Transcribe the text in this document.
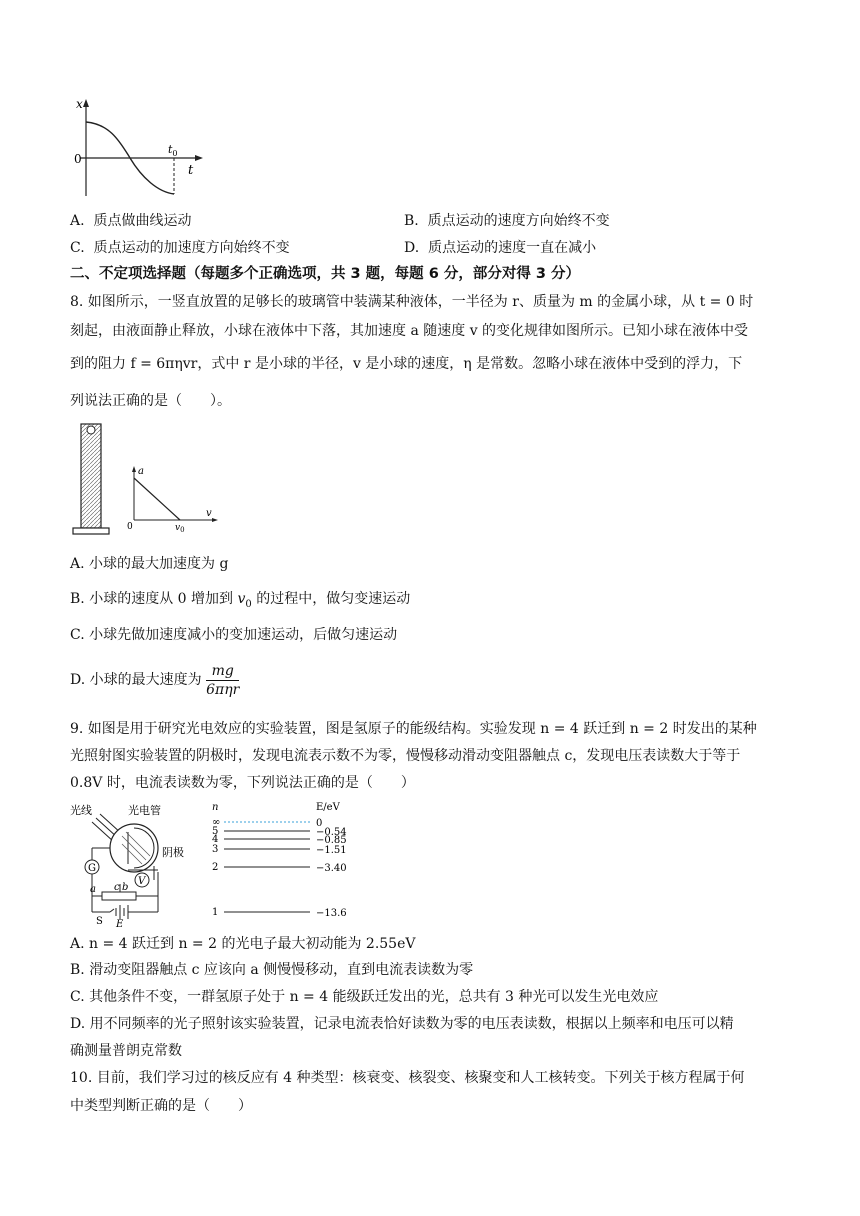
x
0
t
$t_0$
A. 质点做曲线运动	B. 质点运动的速度方向始终不变
C. 质点运动的加速度方向始终不变	D. 质点运动的速度一直在减小
二、不定项选择题（每题多个正确选项，共 3 题，每题 6 分，部分对得 3 分）
8. 如图所示，一竖直放置的足够长的玻璃管中装满某种液体，一半径为 r、质量为 m 的金属小球，从 t = 0 时
刻起，由液面静止释放，小球在液体中下落，其加速度 a 随速度 v 的变化规律如图所示。已知小球在液体中受
到的阻力 f = 6πηvr，式中 r 是小球的半径，v 是小球的速度，η 是常数。忽略小球在液体中受到的浮力，下
列说法正确的是（　　）。
a
0
v
$v_0$
A. 小球的最大加速度为 g
B. 小球的速度从 0 增加到 $v_0$ 的过程中，做匀变速运动
C. 小球先做加速度减小的变加速运动，后做匀速运动
D. 小球的最大速度为 $\frac{mg}{\text{6πηr}}$
9. 如图是用于研究光电效应的实验装置，图是氢原子的能级结构。实验发现 n = 4 跃迁到 n = 2 时发出的某种
光照射图实验装置的阴极时，发现电流表示数不为零，慢慢移动滑动变阻器触点 c，发现电压表读数大于等于
0.8V 时，电流表读数为零，下列说法正确的是（　　）
G
V
光线	光电管
阴极
a c b
S E
n	E/eV
∞	0
5	−0.54
4	−0.85
3	−1.51
2	−3.40
1	−13.6
A. n = 4 跃迁到 n = 2 的光电子最大初动能为 2.55eV
B. 滑动变阻器触点 c 应该向 a 侧慢慢移动，直到电流表读数为零
C. 其他条件不变，一群氢原子处于 n = 4 能级跃迁发出的光，总共有 3 种光可以发生光电效应
D. 用不同频率的光子照射该实验装置，记录电流表恰好读数为零的电压表读数，根据以上频率和电压可以精
确测量普朗克常数
10. 目前，我们学习过的核反应有 4 种类型：核衰变、核裂变、核聚变和人工核转变。下列关于核方程属于何
中类型判断正确的是（　　）
